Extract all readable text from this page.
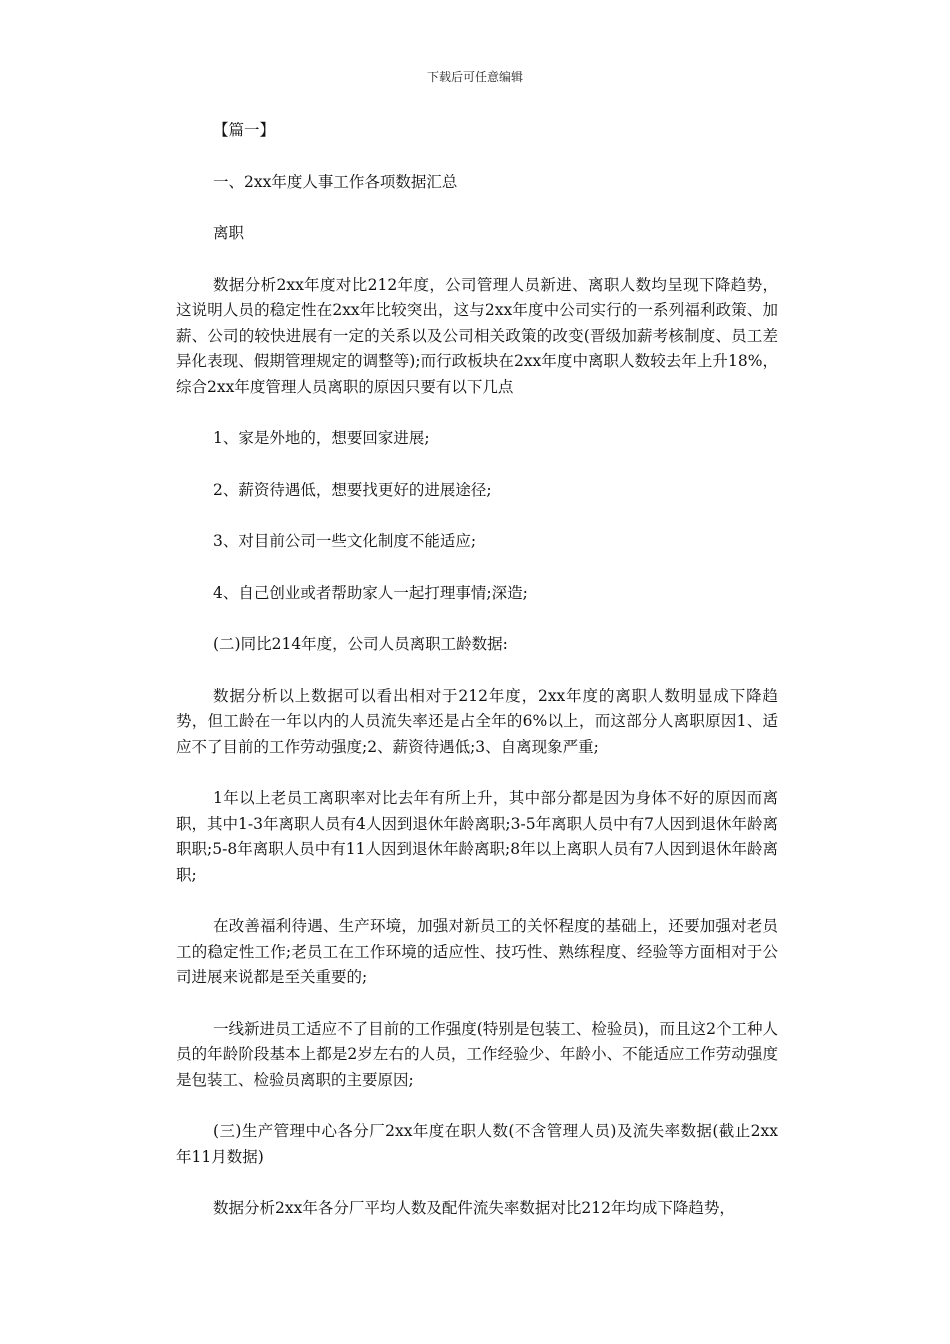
下载后可任意编辑

【篇一】

一、2xx年度人事工作各项数据汇总

离职

数据分析2xx年度对比212年度，公司管理人员新进、离职人数均呈现下降趋势，这说明人员的稳定性在2xx年比较突出，这与2xx年度中公司实行的一系列福利政策、加薪、公司的较快进展有一定的关系以及公司相关政策的改变(晋级加薪考核制度、员工差异化表现、假期管理规定的调整等);而行政板块在2xx年度中离职人数较去年上升18%，综合2xx年度管理人员离职的原因只要有以下几点

1、家是外地的，想要回家进展;

2、薪资待遇低，想要找更好的进展途径;

3、对目前公司一些文化制度不能适应;

4、自己创业或者帮助家人一起打理事情;深造;

(二)同比214年度，公司人员离职工龄数据:

数据分析以上数据可以看出相对于212年度，2xx年度的离职人数明显成下降趋势，但工龄在一年以内的人员流失率还是占全年的6%以上，而这部分人离职原因1、适应不了目前的工作劳动强度;2、薪资待遇低;3、自离现象严重;

1年以上老员工离职率对比去年有所上升，其中部分都是因为身体不好的原因而离职，其中1-3年离职人员有4人因到退休年龄离职;3-5年离职人员中有7人因到退休年龄离职职;5-8年离职人员中有11人因到退休年龄离职;8年以上离职人员有7人因到退休年龄离职;

在改善福利待遇、生产环境，加强对新员工的关怀程度的基础上，还要加强对老员工的稳定性工作;老员工在工作环境的适应性、技巧性、熟练程度、经验等方面相对于公司进展来说都是至关重要的;

一线新进员工适应不了目前的工作强度(特别是包装工、检验员)，而且这2个工种人员的年龄阶段基本上都是2岁左右的人员，工作经验少、年龄小、不能适应工作劳动强度是包装工、检验员离职的主要原因;

(三)生产管理中心各分厂2xx年度在职人数(不含管理人员)及流失率数据(截止2xx年11月数据)

数据分析2xx年各分厂平均人数及配件流失率数据对比212年均成下降趋势，
